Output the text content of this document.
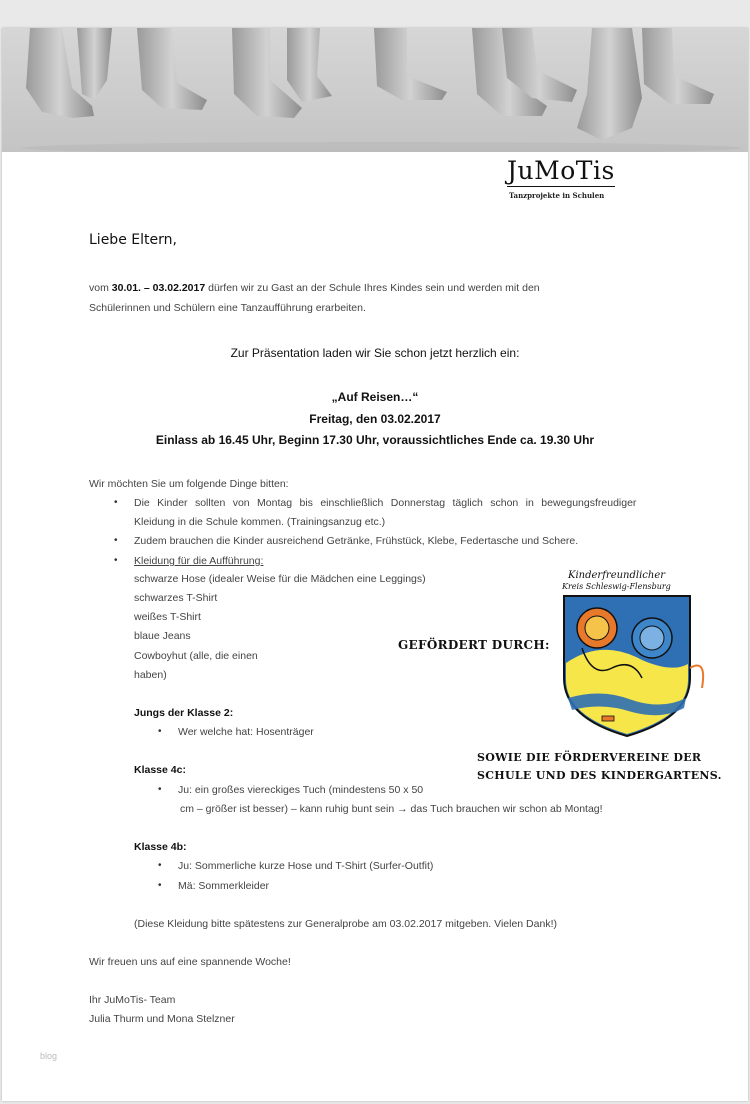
JuMoTis
Tanzprojekte in Schulen
Liebe Eltern,
vom 30.01. – 03.02.2017 dürfen wir zu Gast an der Schule Ihres Kindes sein und werden mit den
Schülerinnen und Schülern eine Tanzaufführung erarbeiten.
Zur Präsentation laden wir Sie schon jetzt herzlich ein:
„Auf Reisen…“
Freitag, den 03.02.2017
Einlass ab 16.45 Uhr, Beginn 17.30 Uhr, voraussichtliches Ende ca. 19.30 Uhr
Wir möchten Sie um folgende Dinge bitten:
• Die Kinder sollten von Montag bis einschließlich Donnerstag täglich schon in bewegungsfreudiger
Kleidung in die Schule kommen. (Trainingsanzug etc.)
• Zudem brauchen die Kinder ausreichend Getränke, Frühstück, Klebe, Federtasche und Schere.
• Kleidung für die Aufführung:
schwarze Hose (idealer Weise für die Mädchen eine Leggings)
schwarzes T-Shirt
weißes T-Shirt
blaue Jeans
Cowboyhut (alle, die einen
haben)
Jungs der Klasse 2:
• Wer welche hat: Hosenträger
Klasse 4c:
• Ju: ein großes viereckiges Tuch (mindestens 50 x 50
cm – größer ist besser) – kann ruhig bunt sein → das Tuch brauchen wir schon ab Montag!
Klasse 4b:
• Ju: Sommerliche kurze Hose und T-Shirt (Surfer-Outfit)
• Mä: Sommerkleider
(Diese Kleidung bitte spätestens zur Generalprobe am 03.02.2017 mitgeben. Vielen Dank!)
Wir freuen uns auf eine spannende Woche!
Ihr JuMoTis- Team
Julia Thurm und Mona Stelzner
GEFÖRDERT DURCH:
Kinderfreundlicher
Kreis Schleswig-Flensburg
SOWIE DIE FÖRDERVEREINE DER
SCHULE UND DES KINDERGARTENS.
blog
